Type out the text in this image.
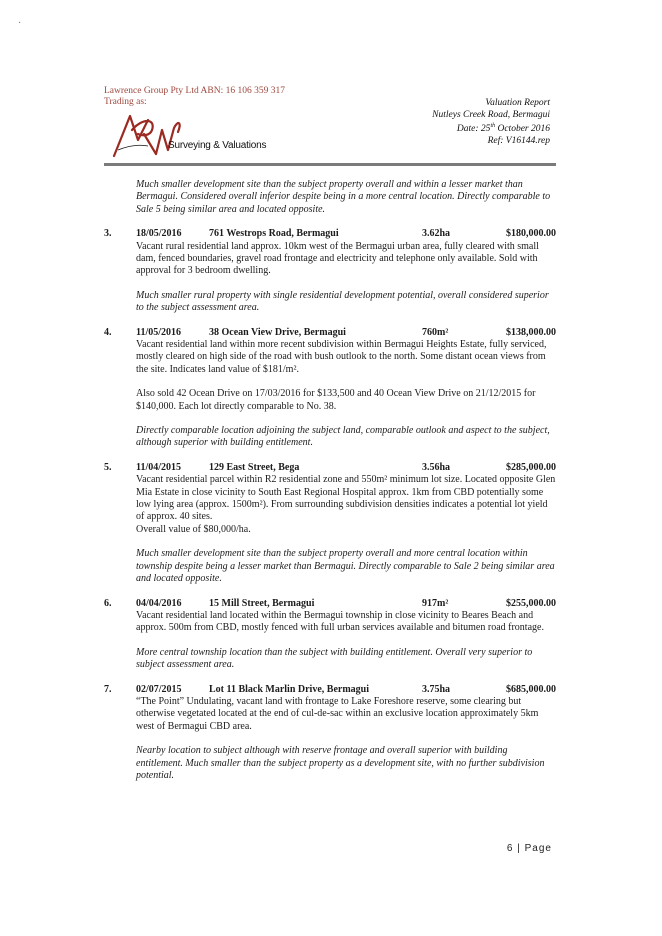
·
Lawrence Group Pty Ltd ABN: 16 106 359 317
Trading as:
Surveying & Valuations
Valuation Report
Nutleys Creek Road, Bermagui
Date: 25th October 2016
Ref: V16144.rep

Much smaller development site than the subject property overall and within a lesser market than Bermagui. Considered overall inferior despite being in a more central location. Directly comparable to Sale 5 being similar area and located opposite.

3.	18/05/2016	761 Westrops Road, Bermagui	3.62ha	$180,000.00

Vacant rural residential land approx. 10km west of the Bermagui urban area, fully cleared with small dam, fenced boundaries, gravel road frontage and electricity and telephone only available. Sold with approval for 3 bedroom dwelling.

Much smaller rural property with single residential development potential, overall considered superior to the subject assessment area.

4.	11/05/2016	38 Ocean View Drive, Bermagui	760m²	$138,000.00

Vacant residential land within more recent subdivision within Bermagui Heights Estate, fully serviced, mostly cleared on high side of the road with bush outlook to the north. Some distant ocean views from the site. Indicates land value of $181/m².

Also sold 42 Ocean Drive on 17/03/2016 for $133,500 and 40 Ocean View Drive on 21/12/2015 for $140,000. Each lot directly comparable to No. 38.

Directly comparable location adjoining the subject land, comparable outlook and aspect to the subject, although superior with building entitlement.

5.	11/04/2015	129 East Street, Bega	3.56ha	$285,000.00

Vacant residential parcel within R2 residential zone and 550m² minimum lot size. Located opposite Glen Mia Estate in close vicinity to South East Regional Hospital approx. 1km from CBD potentially some low lying area (approx. 1500m²). From surrounding subdivision densities indicates a potential lot yield of approx. 40 sites.

Overall value of $80,000/ha.

Much smaller development site than the subject property overall and more central location within township despite being a lesser market than Bermagui. Directly comparable to Sale 2 being similar area and located opposite.

6.	04/04/2016	15 Mill Street, Bermagui	917m²	$255,000.00

Vacant residential land located within the Bermagui township in close vicinity to Beares Beach and approx. 500m from CBD, mostly fenced with full urban services available and bitumen road frontage.

More central township location than the subject with building entitlement. Overall very superior to subject assessment area.

7.	02/07/2015	Lot 11 Black Marlin Drive, Bermagui	3.75ha	$685,000.00

“The Point” Undulating, vacant land with frontage to Lake Foreshore reserve, some clearing but otherwise vegetated located at the end of cul-de-sac within an exclusive location approximately 5km west of Bermagui CBD area.

Nearby location to subject although with reserve frontage and overall superior with building entitlement. Much smaller than the subject property as a development site, with no further subdivision potential.

6 | Page
